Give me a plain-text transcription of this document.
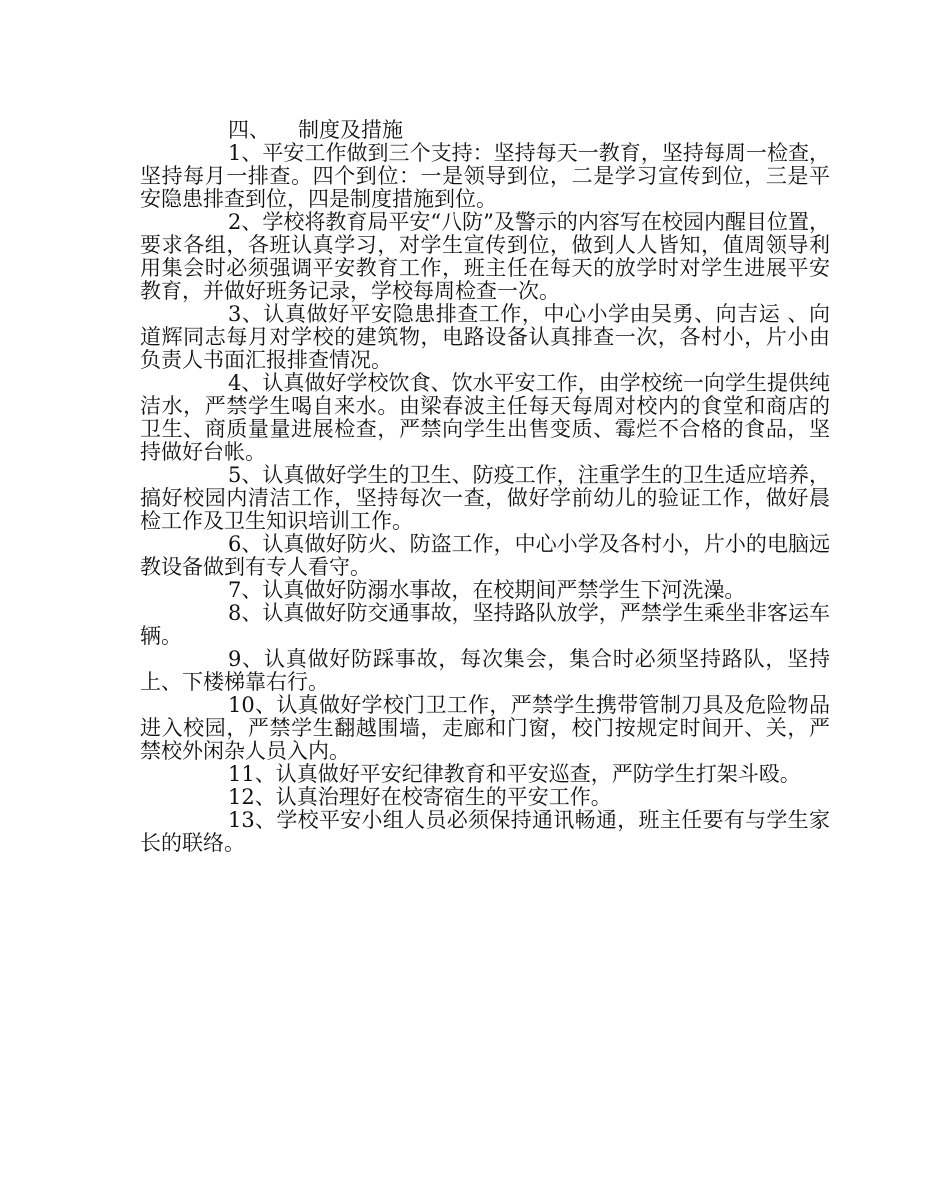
四、 制度及措施

1、平安工作做到三个支持：坚持每天一教育，坚持每周一检查，坚持每月一排查。四个到位：一是领导到位，二是学习宣传到位，三是平安隐患排查到位，四是制度措施到位。

2、学校将教育局平安“八防”及警示的内容写在校园内醒目位置，要求各组，各班认真学习，对学生宣传到位，做到人人皆知，值周领导利用集会时必须强调平安教育工作，班主任在每天的放学时对学生进展平安教育，并做好班务记录，学校每周检查一次。

3、认真做好平安隐患排查工作，中心小学由吴勇、向吉运 、向道辉同志每月对学校的建筑物，电路设备认真排查一次，各村小，片小由负责人书面汇报排查情况。

4、认真做好学校饮食、饮水平安工作，由学校统一向学生提供纯洁水，严禁学生喝自来水。由梁春波主任每天每周对校内的食堂和商店的卫生、商质量量进展检查，严禁向学生出售变质、霉烂不合格的食品，坚持做好台帐。

5、认真做好学生的卫生、防疫工作，注重学生的卫生适应培养，搞好校园内清洁工作，坚持每次一查，做好学前幼儿的验证工作，做好晨检工作及卫生知识培训工作。

6、认真做好防火、防盗工作，中心小学及各村小，片小的电脑远教设备做到有专人看守。

7、认真做好防溺水事故，在校期间严禁学生下河洗澡。

8、认真做好防交通事故，坚持路队放学，严禁学生乘坐非客运车辆。

9、认真做好防踩事故，每次集会，集合时必须坚持路队，坚持上、下楼梯靠右行。

10、认真做好学校门卫工作，严禁学生携带管制刀具及危险物品进入校园，严禁学生翻越围墙，走廊和门窗，校门按规定时间开、关，严禁校外闲杂人员入内。

11、认真做好平安纪律教育和平安巡查，严防学生打架斗殴。

12、认真治理好在校寄宿生的平安工作。

13、学校平安小组人员必须保持通讯畅通，班主任要有与学生家长的联络。
